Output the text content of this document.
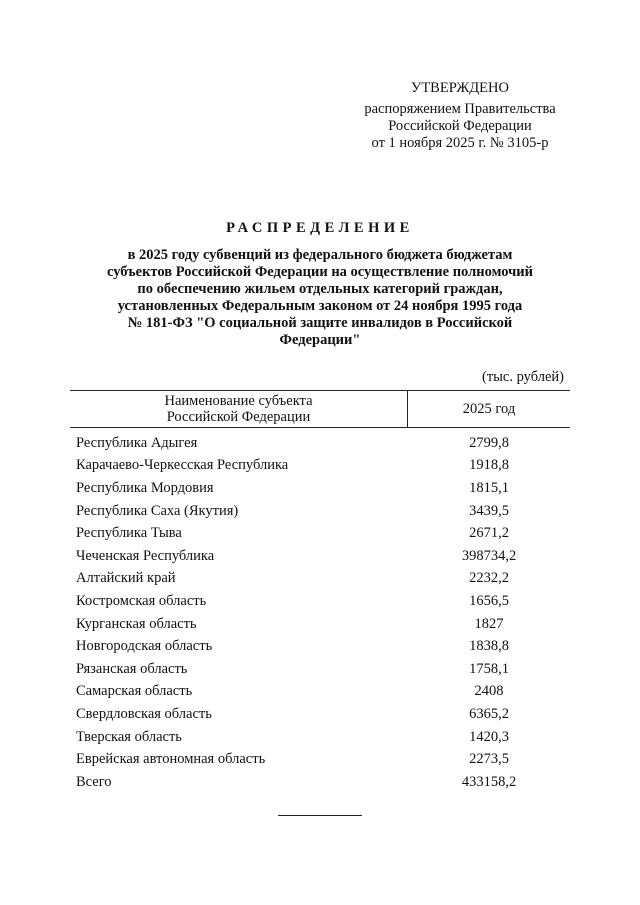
УТВЕРЖДЕНО
распоряжением Правительства
Российской Федерации
от 1 ноября 2025 г. № 3105-р
РАСПРЕДЕЛЕНИЕ
в 2025 году субвенций из федерального бюджета бюджетам
субъектов Российской Федерации на осуществление полномочий
по обеспечению жильем отдельных категорий граждан,
установленных Федеральным законом от 24 ноября 1995 года
№ 181-ФЗ "О социальной защите инвалидов в Российской
Федерации"
(тыс. рублей)
Наименование субъекта
Российской Федерации	2025 год
Республика Адыгея	2799,8
Карачаево-Черкесская Республика	1918,8
Республика Мордовия	1815,1
Республика Саха (Якутия)	3439,5
Республика Тыва	2671,2
Чеченская Республика	398734,2
Алтайский край	2232,2
Костромская область	1656,5
Курганская область	1827
Новгородская область	1838,8
Рязанская область	1758,1
Самарская область	2408
Свердловская область	6365,2
Тверская область	1420,3
Еврейская автономная область	2273,5
Всего	433158,2
